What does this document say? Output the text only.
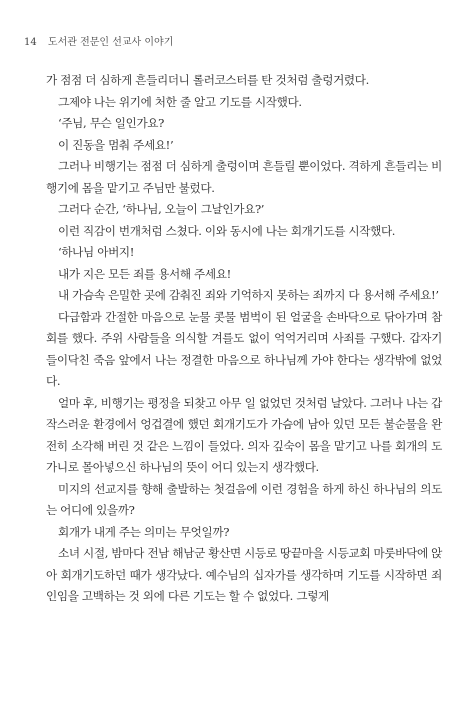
14 도서관 전문인 선교사 이야기

가 점점 더 심하게 흔들리더니 롤러코스터를 탄 것처럼 출렁거렸다.

그제야 나는 위기에 처한 줄 알고 기도를 시작했다.

‘주님, 무슨 일인가요?

이 진동을 멈춰 주세요!’

그러나 비행기는 점점 더 심하게 출렁이며 흔들릴 뿐이었다. 격하게 흔들리는 비행기에 몸을 맡기고 주님만 불렀다.

그러다 순간, ‘하나님, 오늘이 그날인가요?’

이런 직감이 번개처럼 스쳤다. 이와 동시에 나는 회개기도를 시작했다.

‘하나님 아버지!

내가 지은 모든 죄를 용서해 주세요!

내 가슴속 은밀한 곳에 감춰진 죄와 기억하지 못하는 죄까지 다 용서해 주세요!’

다급함과 간절한 마음으로 눈물 콧물 범벅이 된 얼굴을 손바닥으로 닦아가며 참회를 했다. 주위 사람들을 의식할 겨를도 없이 억억거리며 사죄를 구했다. 갑자기 들이닥친 죽음 앞에서 나는 정결한 마음으로 하나님께 가야 한다는 생각밖에 없었다.

얼마 후, 비행기는 평정을 되찾고 아무 일 없었던 것처럼 날았다. 그러나 나는 갑작스러운 환경에서 엉겁결에 했던 회개기도가 가슴에 남아 있던 모든 불순물을 완전히 소각해 버린 것 같은 느낌이 들었다. 의자 깊숙이 몸을 맡기고 나를 회개의 도가니로 몰아넣으신 하나님의 뜻이 어디 있는지 생각했다.

미지의 선교지를 향해 출발하는 첫걸음에 이런 경험을 하게 하신 하나님의 의도는 어디에 있을까?

회개가 내게 주는 의미는 무엇일까?

소녀 시절, 밤마다 전남 해남군 황산면 시등로 땅끝마을 시등교회 마룻바닥에 앉아 회개기도하던 때가 생각났다. 예수님의 십자가를 생각하며 기도를 시작하면 죄인임을 고백하는 것 외에 다른 기도는 할 수 없었다. 그렇게
